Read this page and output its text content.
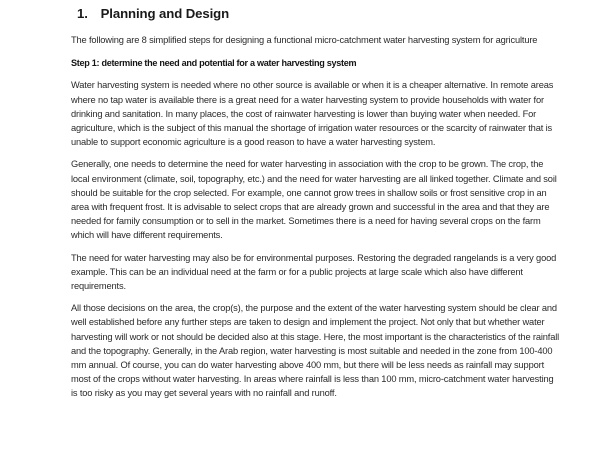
1. Planning and Design

The following are 8 simplified steps for designing a functional micro-catchment water harvesting system for agriculture

Step 1: determine the need and potential for a water harvesting system

Water harvesting system is needed where no other source is available or when it is a cheaper alternative. In remote areas where no tap water is available there is a great need for a water harvesting system to provide households with water for drinking and sanitation. In many places, the cost of rainwater harvesting is lower than buying water when needed. For agriculture, which is the subject of this manual the shortage of irrigation water resources or the scarcity of rainwater that is unable to support economic agriculture is a good reason to have a water harvesting system.

Generally, one needs to determine the need for water harvesting in association with the crop to be grown. The crop, the local environment (climate, soil, topography, etc.) and the need for water harvesting are all linked together. Climate and soil should be suitable for the crop selected. For example, one cannot grow trees in shallow soils or frost sensitive crop in an area with frequent frost. It is advisable to select crops that are already grown and successful in the area and that they are needed for family consumption or to sell in the market. Sometimes there is a need for having several crops on the farm which will have different requirements.

The need for water harvesting may also be for environmental purposes. Restoring the degraded rangelands is a very good example. This can be an individual need at the farm or for a public projects at large scale which also have different requirements.

All those decisions on the area, the crop(s), the purpose and the extent of the water harvesting system should be clear and well established before any further steps are taken to design and implement the project. Not only that but whether water harvesting will work or not should be decided also at this stage. Here, the most important is the characteristics of the rainfall and the topography. Generally, in the Arab region, water harvesting is most suitable and needed in the zone from 100-400 mm annual. Of course, you can do water harvesting above 400 mm, but there will be less needs as rainfall may support most of the crops without water harvesting. In areas where rainfall is less than 100 mm, micro-catchment water harvesting is too risky as you may get several years with no rainfall and runoff.
